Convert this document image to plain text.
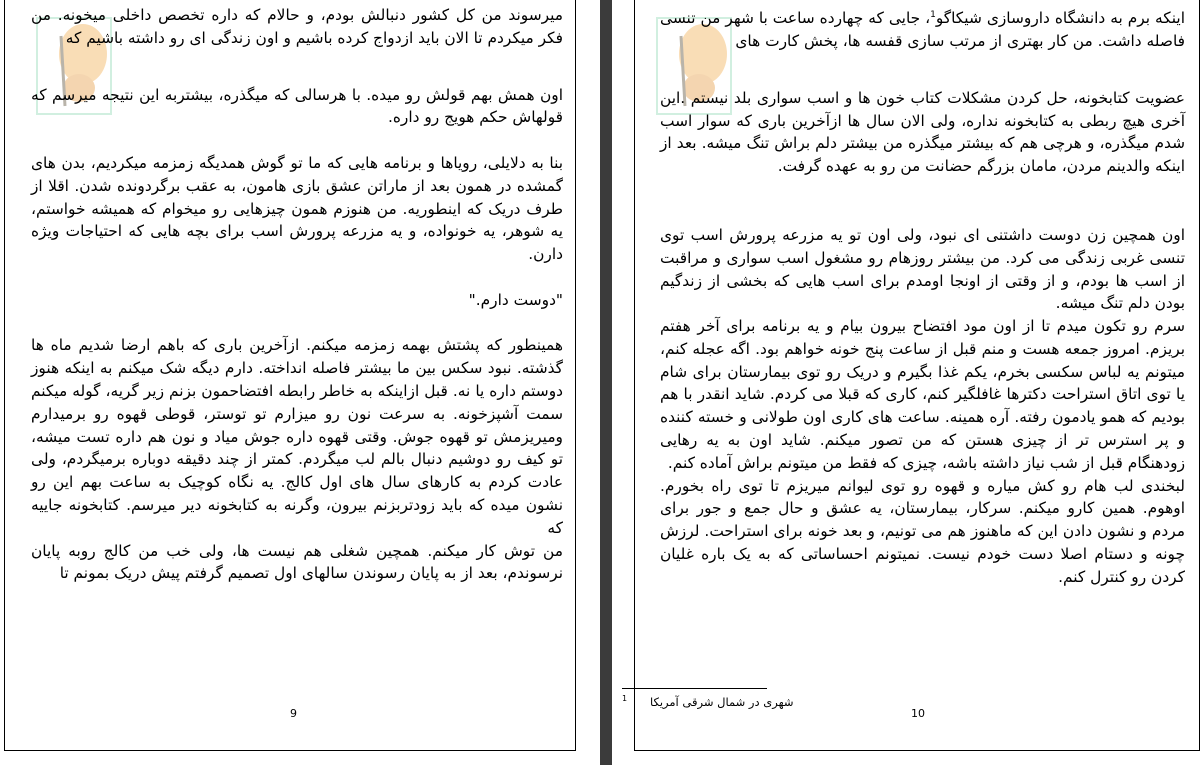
میرسوند من کل کشور دنبالش بودم، و حالام که داره تخصص داخلی میخونه. من فکر میکردم تا الان باید ازدواج کرده باشیم و اون زندگی ای رو داشته باشیم که

اون همش بهم قولش رو میده. با هرسالی که میگذره، بیشتربه این نتیجه میرسم که قولهاش حکم هویج رو داره.

بنا به دلایلی، رویاها و برنامه هایی که ما تو گوش همدیگه زمزمه میکردیم، بدن های گمشده در همون بعد از ماراتن عشق بازی هامون، به عقب برگردونده شدن. اقلا از طرف دریک که اینطوریه. من هنوزم همون چیزهایی رو میخوام که همیشه خواستم، یه شوهر، یه خونواده، و یه مزرعه پرورش اسب برای بچه هایی که احتیاجات ویژه دارن.

"دوست دارم."

همینطور که پشتش بهمه زمزمه میکنم. ازآخرین باری که باهم ارضا شدیم ماه ها گذشته. نبود سکس بین ما بیشتر فاصله انداخته. دارم دیگه شک میکنم به اینکه هنوز دوستم داره یا نه. قبل ازاینکه به خاطر رابطه افتضاحمون بزنم زیر گریه، گوله میکنم سمت آشپزخونه. به سرعت نون رو میزارم تو توستر، قوطی قهوه رو برمیدارم ومیریزمش تو قهوه جوش. وقتی قهوه داره جوش میاد و نون هم داره تست میشه، تو کیف رو دوشیم دنبال بالم لب میگردم. کمتر از چند دقیقه دوباره برمیگردم، ولی عادت کردم به کارهای سال های اول کالج. یه نگاه کوچیک به ساعت بهم این رو نشون میده که باید زودتربزنم بیرون، وگرنه به کتابخونه دیر میرسم. کتابخونه جاییه که

من توش کار میکنم. همچین شغلی هم نیست ها، ولی خب من کالج روبه پایان نرسوندم، بعد از به پایان رسوندن سالهای اول تصمیم گرفتم پیش دریک بمونم تا

9

اینکه برم به دانشگاه داروسازی شیکاگو$^1$، جایی که چهارده ساعت با شهر من تنسی فاصله داشت. من کار بهتری از مرتب سازی قفسه ها، پخش کارت های

عضویت کتابخونه، حل کردن مشکلات کتاب خون ها و اسب سواری بلد نیستم .این آخری هیچ ربطی به کتابخونه نداره، ولی الان سال ها ازآخرین باری که سوار اسب شدم میگذره، و هرچی هم که بیشتر میگذره من بیشتر دلم براش تنگ میشه. بعد از اینکه والدینم مردن، مامان بزرگم حضانت من رو به عهده گرفت.

اون همچین زن دوست داشتنی ای نبود، ولی اون تو یه مزرعه پرورش اسب توی تنسی غربی زندگی می کرد. من بیشتر روزهام رو مشغول اسب سواری و مراقبت از اسب ها بودم، و از وقتی از اونجا اومدم برای اسب هایی که بخشی از زندگیم بودن دلم تنگ میشه.

سرم رو تکون میدم تا از اون مود افتضاح بیرون بیام و یه برنامه برای آخر هفتم بریزم. امروز جمعه هست و منم قبل از ساعت پنج خونه خواهم بود. اگه عجله کنم، میتونم یه لباس سکسی بخرم، یکم غذا بگیرم و دریک رو توی بیمارستان برای شام یا توی اتاق استراحت دکترها غافلگیر کنم، کاری که قبلا می کردم. شاید انقدر با هم بودیم که همو یادمون رفته. آره همینه. ساعت های کاری اون طولانی و خسته کننده و پر استرس تر از چیزی هستن که من تصور میکنم. شاید اون به یه رهایی زودهنگام قبل از شب نیاز داشته باشه، چیزی که فقط من میتونم براش آماده کنم.

لبخندی لب هام رو کش میاره و قهوه رو توی لیوانم میریزم تا توی راه بخورم. اوهوم. همین کارو میکنم. سرکار، بیمارستان، یه عشق و حال جمع و جور برای مردم و نشون دادن این که ماهنوز هم می تونیم، و بعد خونه برای استراحت. لرزش چونه و دستام اصلا دست خودم نیست. نمیتونم احساساتی که به یک باره غلیان کردن رو کنترل کنم.

10
1 شهری در شمال شرقی آمریکا
